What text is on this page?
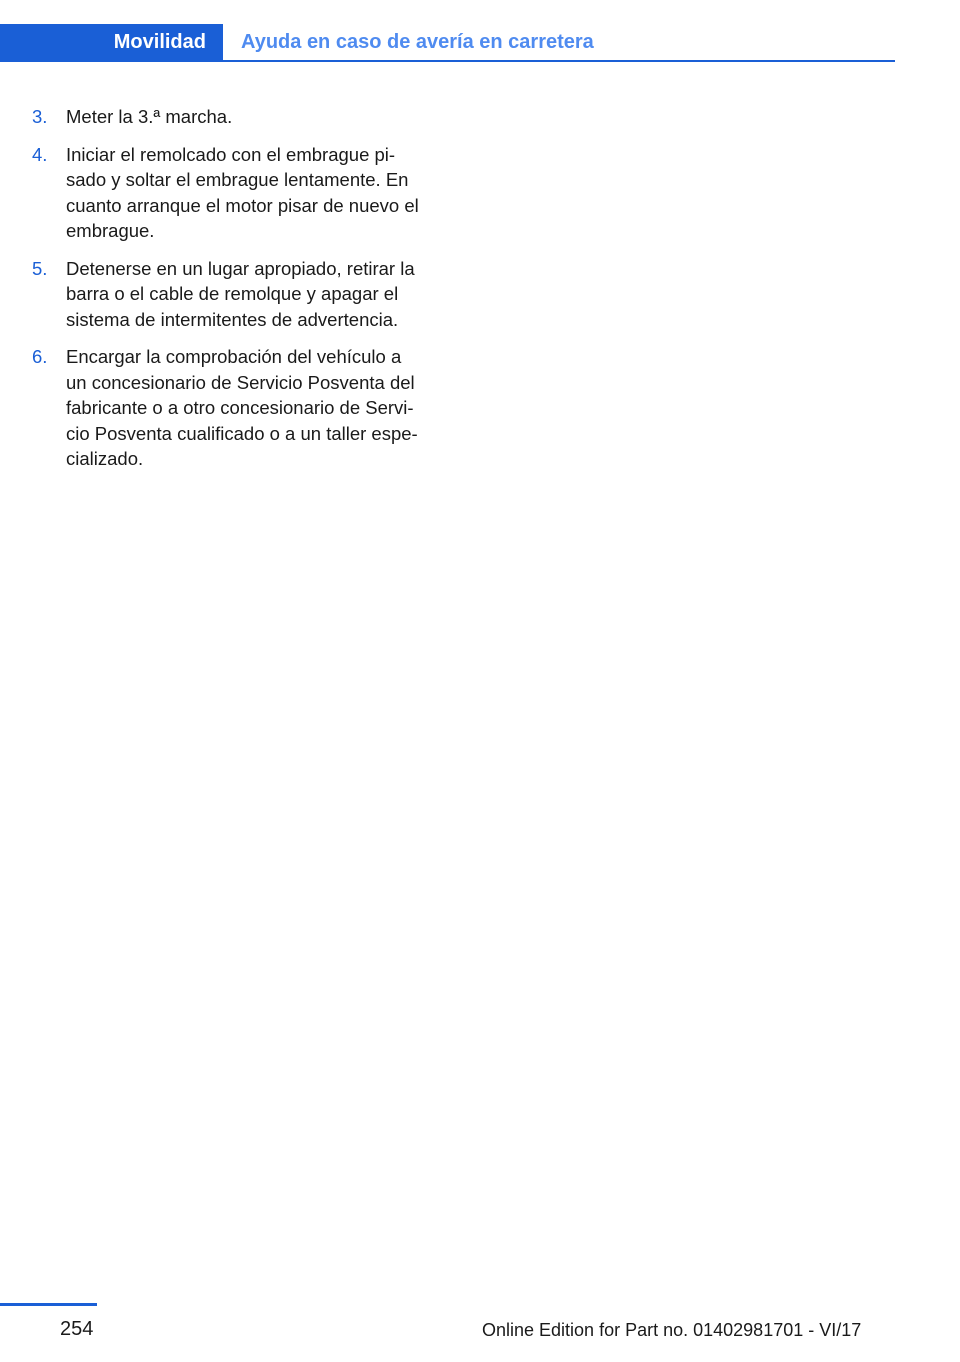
Movilidad	Ayuda en caso de avería en carretera
3.	Meter la 3.ª marcha.
4.	Iniciar el remolcado con el embrague pi-
sado y soltar el embrague lentamente. En
cuanto arranque el motor pisar de nuevo el
embrague.
5.	Detenerse en un lugar apropiado, retirar la
barra o el cable de remolque y apagar el
sistema de intermitentes de advertencia.
6.	Encargar la comprobación del vehículo a
un concesionario de Servicio Posventa del
fabricante o a otro concesionario de Servi-
cio Posventa cualificado o a un taller espe-
cializado.
254	Online Edition for Part no. 01402981701 - VI/17
